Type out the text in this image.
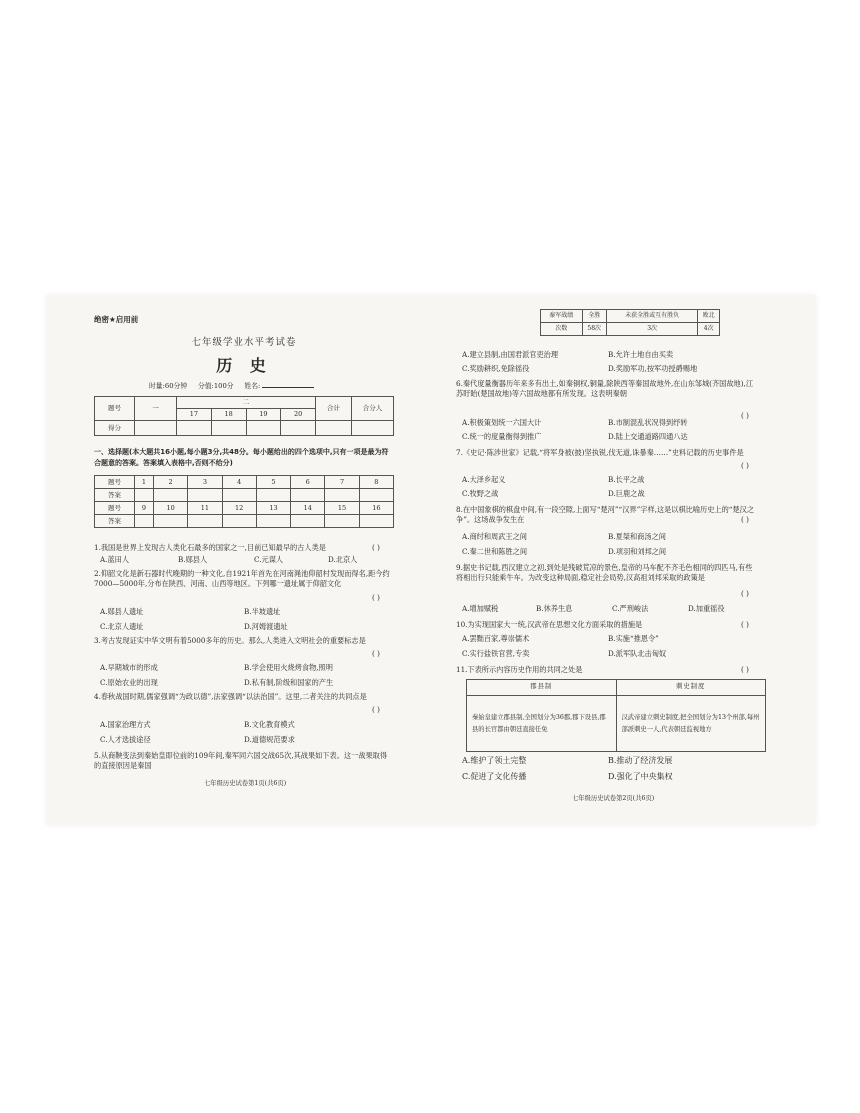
绝密★启用前
七年级学业水平考试卷
历 史
时量:60分钟 分值:100分 姓名:
题号	一	二				合计	合分人
		17	18	19	20		
得分							
一、选择题(本大题共16小题,每小题3分,共48分。每小题给出的四个选项中,只有一项是最为符合题意的答案。答案填入表格中,否则不给分)
题号	1	2	3	4	5	6	7	8
答案								
题号	9	10	11	12	13	14	15	16
答案								
1.我国是世界上发现古人类化石最多的国家之一,目前已知最早的古人类是	( )
A.蓝田人	B.郧县人	C.元谋人	D.北京人
2.仰韶文化是新石器时代晚期的一种文化,自1921年首先在河南渑池仰韶村发现而得名,距今约7000—5000年,分布在陕西、河南、山西等地区。下列哪一遗址属于仰韶文化
( )
A.郧县人遗址	B.半坡遗址
C.北京人遗址	D.河姆渡遗址
3.考古发现证实中华文明有着5000多年的历史。那么,人类进入文明社会的重要标志是
( )
A.早期城市的形成	B.学会使用火烧烤食物,照明
C.原始农业的出现	D.私有制,阶级和国家的产生
4.春秋战国时期,儒家强调“为政以德”,法家强调“以法治国”。这里,二者关注的共同点是
( )
A.国家治理方式	B.文化教育模式
C.人才选拔途径	D.道德规范要求
5.从商鞅变法到秦始皇即位前的109年间,秦军同六国交战65次,其战果如下表。这一战果取得的直接原因是秦国
七年级历史试卷第1页(共6页)
秦军战绩	全胜	未获全胜或互有胜负	败北
次数	58次	3次	4次
A.建立县制,由国君派官吏治理	B.允许土地自由买卖
C.奖励耕织,免除徭役	D.奖励军功,按军功授爵赐地
6.秦代度量衡器历年来多有出土,如秦铜权,铜量,除陕西等秦国故地外,在山东邹城(齐国故地),江苏盱眙(楚国故地)等六国故地都有所发现。这表明秦朝
( )
A.积极策划统一六国大计	B.市制混乱状况得到纾转
C.统一的度量衡得到推广	D.陆上交通道路四通八达
7.《史记·陈涉世家》记载,“将军身被(披)坚执锐,伐无道,诛暴秦……”史料记载的历史事件是
( )
A.大泽乡起义	B.长平之战
C.牧野之战	D.巨鹿之战
8.在中国象棋的棋盘中间,有一段空隙,上面写“楚河”“汉界”字样,这是以棋比喻历史上的“楚汉之争”。这场战争发生在	( )
A.商纣和周武王之间	B.夏桀和商汤之间
C.秦二世和陈胜之间	D.项羽和刘邦之间
9.据史书记载,西汉建立之初,到处是残破荒凉的景色,皇帝的马车配不齐毛色相同的四匹马,有些将相出行只能乘牛车。为改变这种局面,稳定社会局势,汉高祖刘邦采取的政策是
( )
A.增加赋税	B.休养生息	C.严刑峻法	D.加重徭役
10.为实现国家大一统,汉武帝在思想文化方面采取的措施是	( )
A.罢黜百家,尊崇儒术	B.实施“推恩令”
C.实行盐铁官营,专卖	D.派军队北击匈奴
11.下表所示内容历史作用的共同之处是	( )
郡县制	刺史制度
秦始皇建立郡县制,全国划分为36郡,郡下设县,郡县的长官都由朝廷直接任免	汉武帝建立刺史制度,把全国划分为13个州部,每州部派刺史一人,代表朝廷监视地方
A.维护了领土完整	B.推动了经济发展
C.促进了文化传播	D.强化了中央集权
七年级历史试卷第2页(共6页)
